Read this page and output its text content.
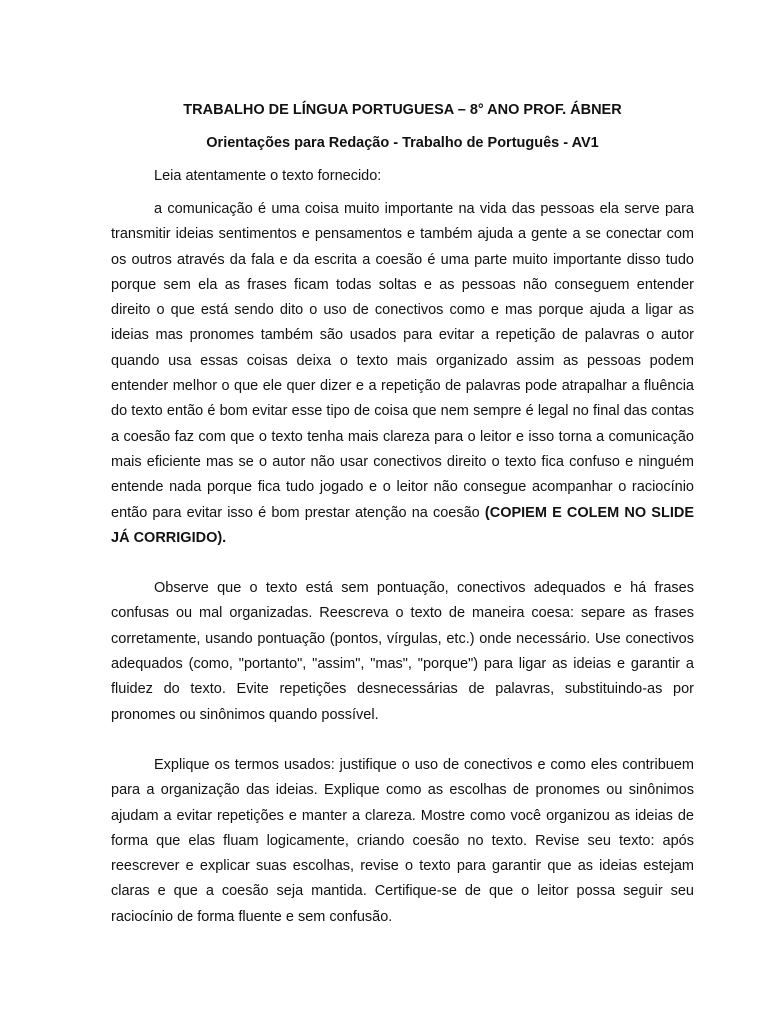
TRABALHO DE LÍNGUA PORTUGUESA – 8° ANO PROF. ÁBNER
Orientações para Redação - Trabalho de Português - AV1

Leia atentamente o texto fornecido:

a comunicação é uma coisa muito importante na vida das pessoas ela serve para transmitir ideias sentimentos e pensamentos e também ajuda a gente a se conectar com os outros através da fala e da escrita a coesão é uma parte muito importante disso tudo porque sem ela as frases ficam todas soltas e as pessoas não conseguem entender direito o que está sendo dito o uso de conectivos como e mas porque ajuda a ligar as ideias mas pronomes também são usados para evitar a repetição de palavras o autor quando usa essas coisas deixa o texto mais organizado assim as pessoas podem entender melhor o que ele quer dizer e a repetição de palavras pode atrapalhar a fluência do texto então é bom evitar esse tipo de coisa que nem sempre é legal no final das contas a coesão faz com que o texto tenha mais clareza para o leitor e isso torna a comunicação mais eficiente mas se o autor não usar conectivos direito o texto fica confuso e ninguém entende nada porque fica tudo jogado e o leitor não consegue acompanhar o raciocínio então para evitar isso é bom prestar atenção na coesão (COPIEM E COLEM NO SLIDE JÁ CORRIGIDO).

Observe que o texto está sem pontuação, conectivos adequados e há frases confusas ou mal organizadas. Reescreva o texto de maneira coesa: separe as frases corretamente, usando pontuação (pontos, vírgulas, etc.) onde necessário. Use conectivos adequados (como, "portanto", "assim", "mas", "porque") para ligar as ideias e garantir a fluidez do texto. Evite repetições desnecessárias de palavras, substituindo-as por pronomes ou sinônimos quando possível.

Explique os termos usados: justifique o uso de conectivos e como eles contribuem para a organização das ideias. Explique como as escolhas de pronomes ou sinônimos ajudam a evitar repetições e manter a clareza. Mostre como você organizou as ideias de forma que elas fluam logicamente, criando coesão no texto. Revise seu texto: após reescrever e explicar suas escolhas, revise o texto para garantir que as ideias estejam claras e que a coesão seja mantida. Certifique-se de que o leitor possa seguir seu raciocínio de forma fluente e sem confusão.
